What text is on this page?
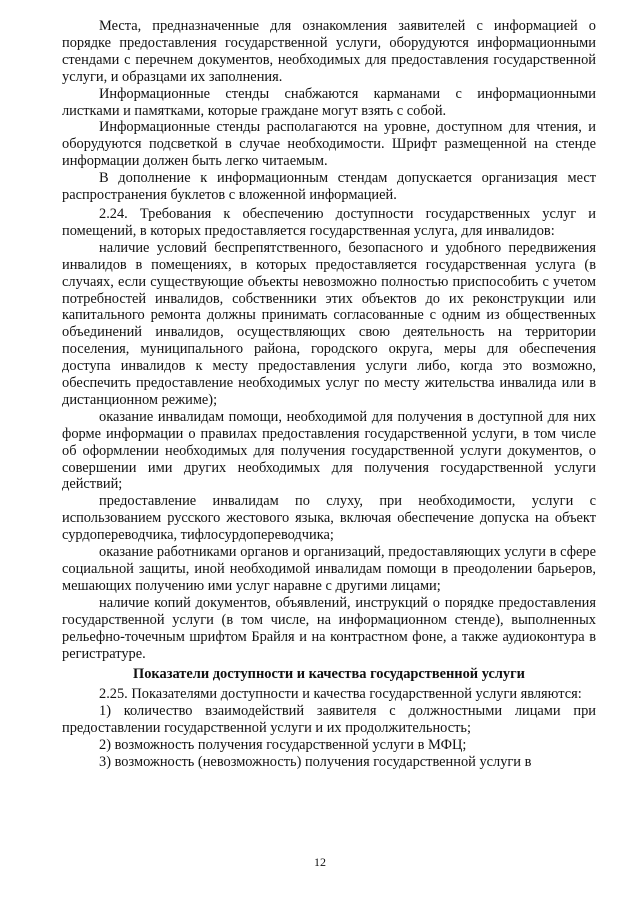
Места, предназначенные для ознакомления заявителей с информацией о порядке предоставления государственной услуги, оборудуются информационными стендами с перечнем документов, необходимых для предоставления государственной услуги, и образцами их заполнения.

Информационные стенды снабжаются карманами с информационными листками и памятками, которые граждане могут взять с собой.

Информационные стенды располагаются на уровне, доступном для чтения, и оборудуются подсветкой в случае необходимости. Шрифт размещенной на стенде информации должен быть легко читаемым.

В дополнение к информационным стендам допускается организация мест распространения буклетов с вложенной информацией.

2.24. Требования к обеспечению доступности государственных услуг и помещений, в которых предоставляется государственная услуга, для инвалидов:

наличие условий беспрепятственного, безопасного и удобного передвижения инвалидов в помещениях, в которых предоставляется государственная услуга (в случаях, если существующие объекты невозможно полностью приспособить с учетом потребностей инвалидов, собственники этих объектов до их реконструкции или капитального ремонта должны принимать согласованные с одним из общественных объединений инвалидов, осуществляющих свою деятельность на территории поселения, муниципального района, городского округа, меры для обеспечения доступа инвалидов к месту предоставления услуги либо, когда это возможно, обеспечить предоставление необходимых услуг по месту жительства инвалида или в дистанционном режиме);

оказание инвалидам помощи, необходимой для получения в доступной для них форме информации о правилах предоставления государственной услуги, в том числе об оформлении необходимых для получения государственной услуги документов, о совершении ими других необходимых для получения государственной услуги действий;

предоставление инвалидам по слуху, при необходимости, услуги с использованием русского жестового языка, включая обеспечение допуска на объект сурдопереводчика, тифлосурдопереводчика;

оказание работниками органов и организаций, предоставляющих услуги в сфере социальной защиты, иной необходимой инвалидам помощи в преодолении барьеров, мешающих получению ими услуг наравне с другими лицами;

наличие копий документов, объявлений, инструкций о порядке предоставления государственной услуги (в том числе, на информационном стенде), выполненных рельефно-точечным шрифтом Брайля и на контрастном фоне, а также аудиоконтура в регистратуре.

Показатели доступности и качества государственной услуги

2.25. Показателями доступности и качества государственной услуги являются:

1) количество взаимодействий заявителя с должностными лицами при предоставлении государственной услуги и их продолжительность;

2) возможность получения государственной услуги в МФЦ;

3) возможность (невозможность) получения государственной услуги в

12
